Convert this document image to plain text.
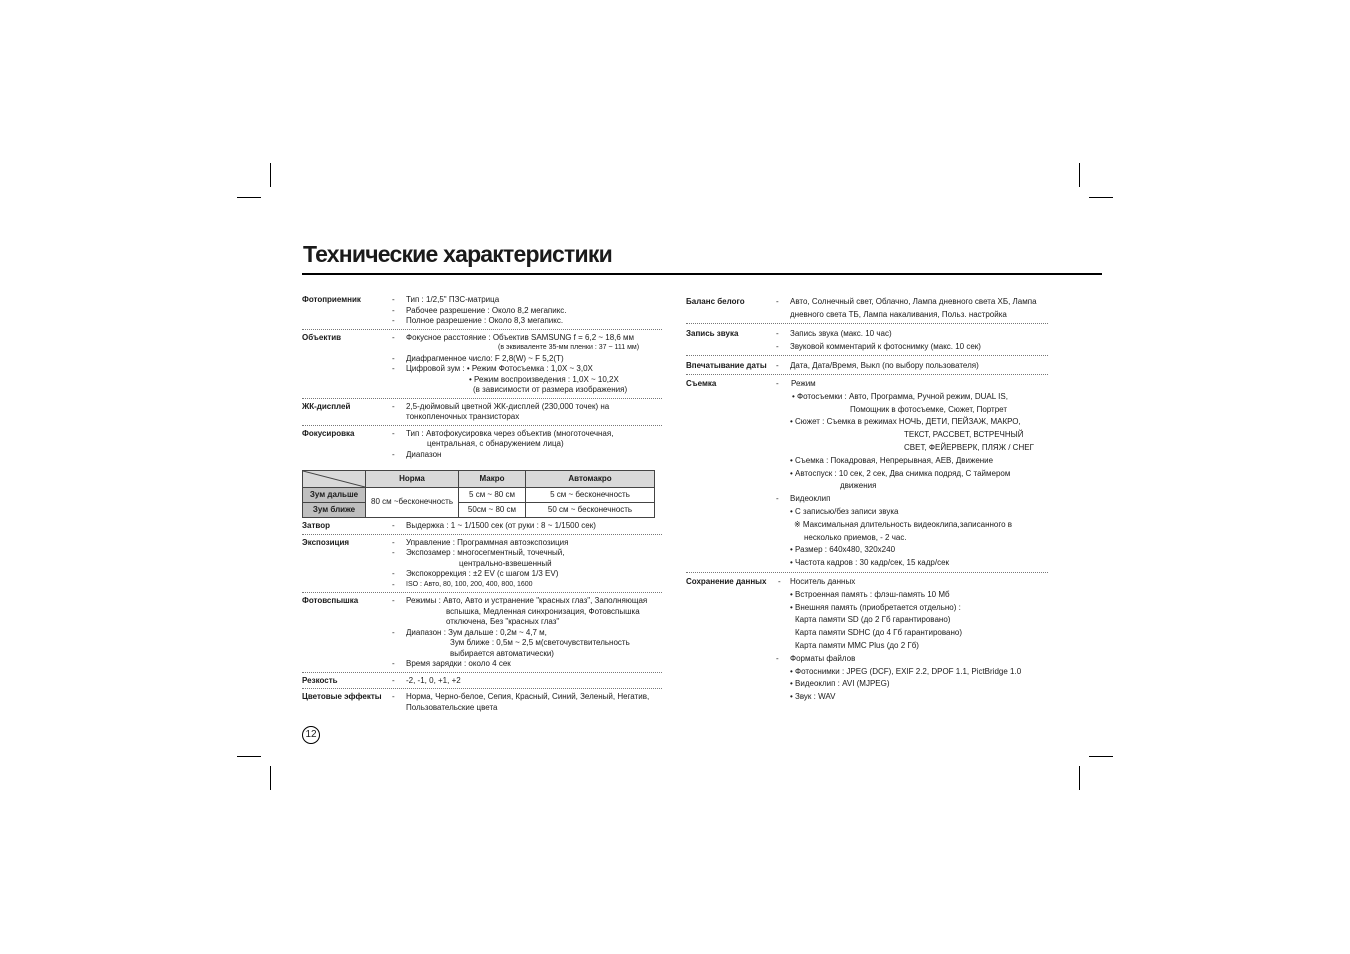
Технические характеристики
Фотоприемник	- Тип : 1/2,5" ПЗС-матрица
- Рабочее разрешение : Около 8,2 мегапикс.
- Полное разрешение : Около 8,3 мегапикс.
Объектив	- Фокусное расстояние : Объектив SAMSUNG f = 6,2 ~ 18,6 мм
(в эквиваленте 35-мм пленки : 37 ~ 111 мм)
- Диафрагменное число: F 2,8(W) ~ F 5,2(T)
- Цифровой зум : • Режим Фотосъемка : 1,0X ~ 3,0X
• Режим воспроизведения : 1,0X ~ 10,2X
(в зависимости от размера изображения)
ЖК-дисплей	- 2,5-дюймовый цветной ЖК-дисплей (230,000 точек) на
тонкопленочных транзисторах
Фокусировка	- Тип : Автофокусировка через объектив (многоточечная,
центральная, с обнаружением лица)
- Диапазон
	Норма	Макро	Автомакро
Зум дальше	80 см ~бесконечность	5 см ~ 80 см	5 см ~ бесконечность
Зум ближе		50см ~ 80 см	50 см ~ бесконечность
Затвор	- Выдержка : 1 ~ 1/1500 сек (от руки : 8 ~ 1/1500 сек)
Экспозиция	- Управление : Программная автоэкспозиция
- Экспозамер : многосегментный, точечный,
центрально-взвешенный
- Экспокоррекция : ±2 EV (с шагом 1/3 EV)
- ISO : Авто, 80, 100, 200, 400, 800, 1600
Фотовспышка	- Режимы : Авто, Авто и устранение "красных глаз", Заполняющая
вспышка, Медленная синхронизация, Фотовспышка
отключена, Без "красных глаз"
- Диапазон : Зум дальше : 0,2м ~ 4,7 м,
Зум ближе : 0,5м ~ 2,5 м(светочувствительность
выбирается автоматически)
- Время зарядки : около 4 сек
Резкость	- -2, -1, 0, +1, +2
Цветовые эффекты - Норма, Черно-белое, Сепия, Красный, Синий, Зеленый, Негатив,
Пользовательские цвета
Баланс белого	- Авто, Солнечный свет, Облачно, Лампа дневного света ХБ, Лампа
дневного света ТБ, Лампа накаливания, Польз. настройка
Запись звука	- Запись звука (макс. 10 час)
- Звуковой комментарий к фотоснимку (макс. 10 сек)
Впечатывание даты - Дата, Дата/Время, Выкл (по выбору пользователя)
Съемка	- Режим
• Фотосъемки : Авто, Программа, Ручной режим, DUAL IS,
Помощник в фотосъемке, Сюжет, Портрет
• Сюжет : Съемка в режимах НОЧЬ, ДЕТИ, ПЕЙЗАЖ, МАКРО,
ТЕКСТ, РАССВЕТ, ВСТРЕЧНЫЙ
СВЕТ, ФЕЙЕРВЕРК, ПЛЯЖ / СНЕГ
• Съемка : Покадровая, Непрерывная, AEB, Движение
• Автоспуск : 10 сек, 2 сек, Два снимка подряд, С таймером
движения
- Видеоклип
• С записью/без записи звука
※ Максимальная длительность видеоклипа,записанного в
несколько приемов, - 2 час.
• Размер : 640x480, 320x240
• Частота кадров : 30 кадр/сек, 15 кадр/сек
Сохранение данных - Носитель данных
• Встроенная память : флэш-память 10 Мб
• Внешняя память (приобретается отдельно) :
Карта памяти SD (до 2 Гб гарантировано)
Карта памяти SDHC (до 4 Гб гарантировано)
Карта памяти MMC Plus (до 2 Гб)
- Форматы файлов
• Фотоснимки : JPEG (DCF), EXIF 2.2, DPOF 1.1, PictBridge 1.0
• Видеоклип : AVI (MJPEG)
• Звук : WAV
12
